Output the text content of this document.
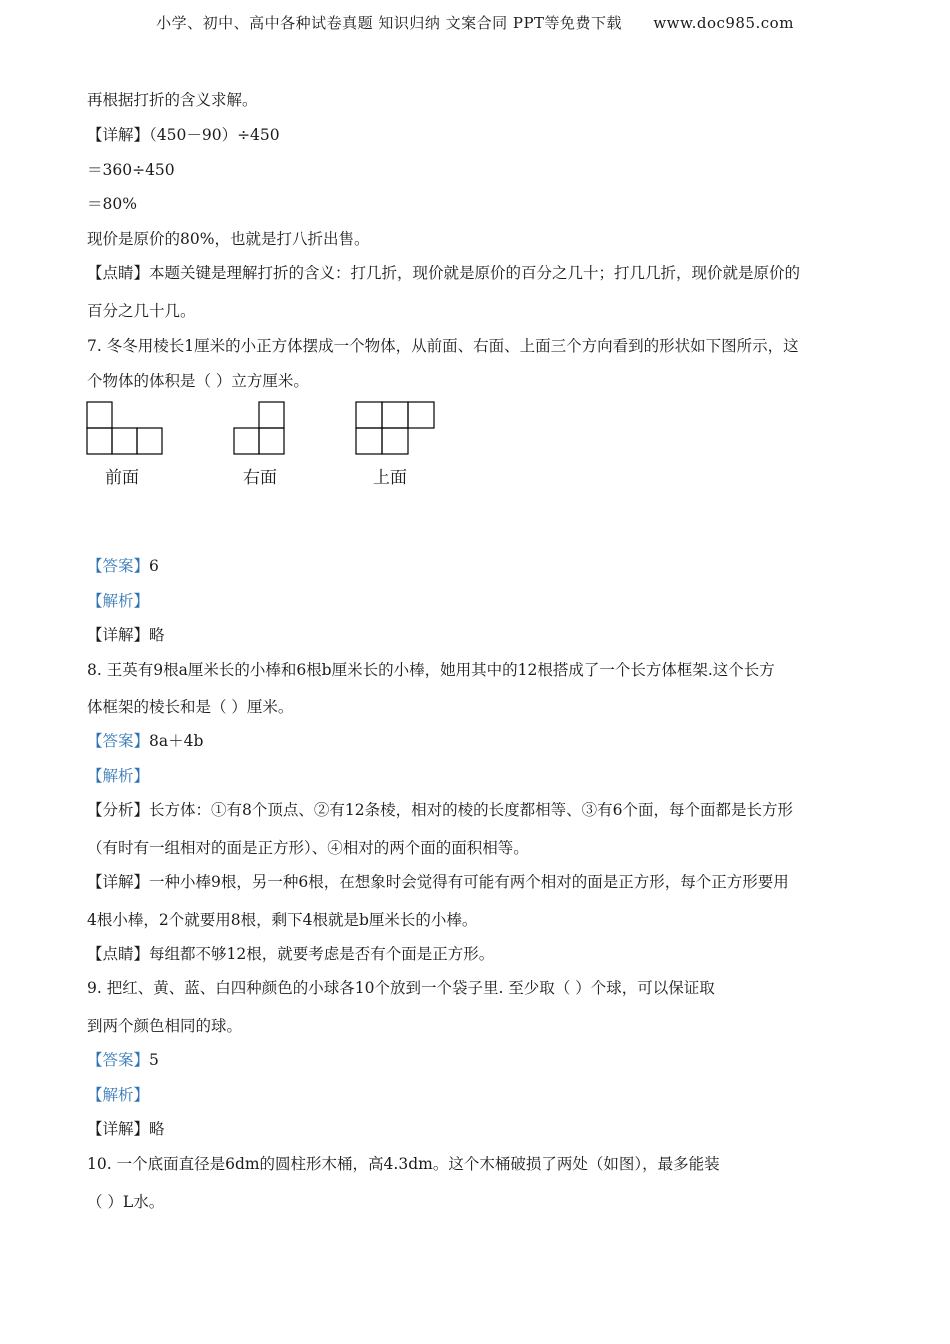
小学、初中、高中各种试卷真题 知识归纳 文案合同 PPT等免费下载 www.doc985.com
再根据打折的含义求解。
【详解】（450－90）÷450
＝360÷450
＝80%
现价是原价的80%，也就是打八折出售。
【点睛】本题关键是理解打折的含义：打几折，现价就是原价的百分之几十；打几几折，现价就是原价的
百分之几十几。
7. 冬冬用棱长1厘米的小正方体摆成一个物体，从前面、右面、上面三个方向看到的形状如下图所示，这
个物体的体积是（ ）立方厘米。
前面	右面	上面
【答案】6
【解析】
【详解】略
8. 王英有9根a厘米长的小棒和6根b厘米长的小棒，她用其中的12根搭成了一个长方体框架.这个长方
体框架的棱长和是（ ）厘米。
【答案】8a＋4b
【解析】
【分析】长方体：①有8个顶点、②有12条棱，相对的棱的长度都相等、③有6个面，每个面都是长方形
（有时有一组相对的面是正方形）、④相对的两个面的面积相等。
【详解】一种小棒9根，另一种6根，在想象时会觉得有可能有两个相对的面是正方形，每个正方形要用
4根小棒，2个就要用8根，剩下4根就是b厘米长的小棒。
【点睛】每组都不够12根，就要考虑是否有个面是正方形。
9. 把红、黄、蓝、白四种颜色的小球各10个放到一个袋子里. 至少取（ ）个球，可以保证取
到两个颜色相同的球。
【答案】5
【解析】
【详解】略
10. 一个底面直径是6dm的圆柱形木桶，高4.3dm。这个木桶破损了两处（如图），最多能装
（ ）L水。
